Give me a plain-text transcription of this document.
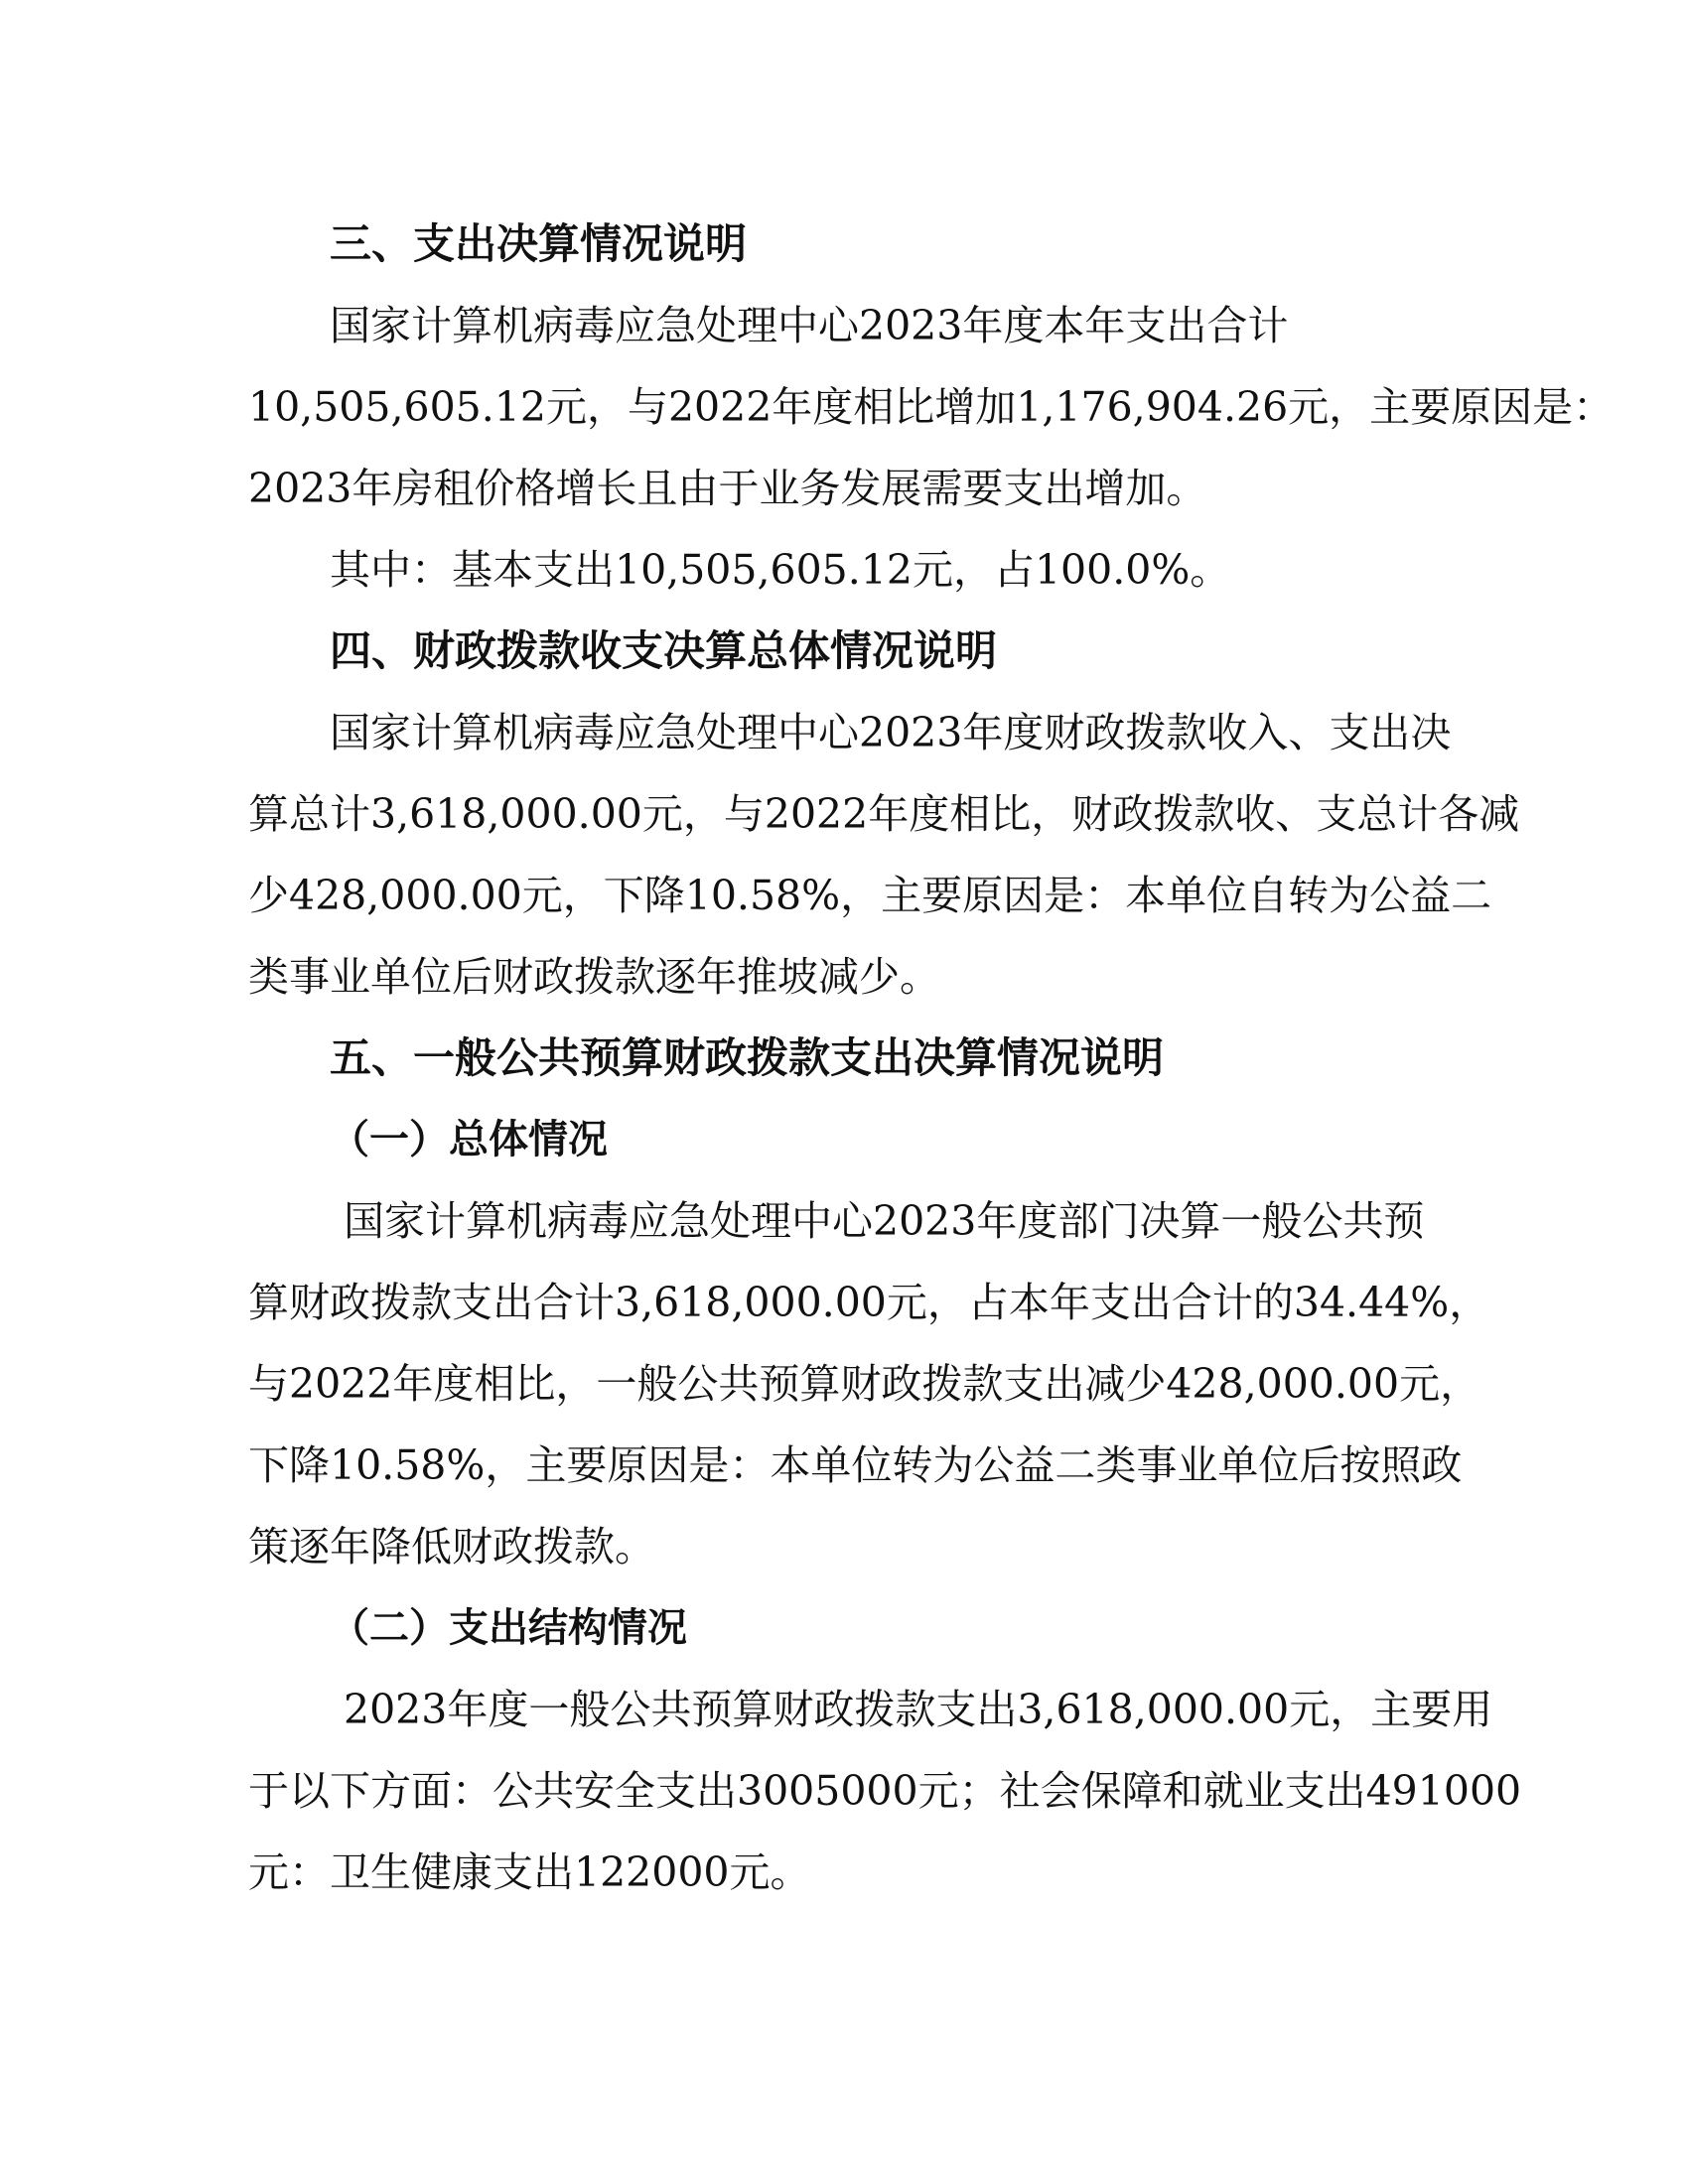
三、支出决算情况说明

国家计算机病毒应急处理中心2023年度本年支出合计

10,505,605.12元，与2022年度相比增加1,176,904.26元，主要原因是：

2023年房租价格增长且由于业务发展需要支出增加。

其中：基本支出10,505,605.12元，占100.0%。

四、财政拨款收支决算总体情况说明

国家计算机病毒应急处理中心2023年度财政拨款收入、支出决

算总计3,618,000.00元，与2022年度相比，财政拨款收、支总计各减

少428,000.00元，下降10.58%，主要原因是：本单位自转为公益二

类事业单位后财政拨款逐年推坡减少。

五、一般公共预算财政拨款支出决算情况说明
（一）总体情况

国家计算机病毒应急处理中心2023年度部门决算一般公共预

算财政拨款支出合计3,618,000.00元，占本年支出合计的34.44%，

与2022年度相比，一般公共预算财政拨款支出减少428,000.00元，

下降10.58%，主要原因是：本单位转为公益二类事业单位后按照政

策逐年降低财政拨款。

（二）支出结构情况

2023年度一般公共预算财政拨款支出3,618,000.00元，主要用

于以下方面：公共安全支出3005000元；社会保障和就业支出491000

元：卫生健康支出122000元。
